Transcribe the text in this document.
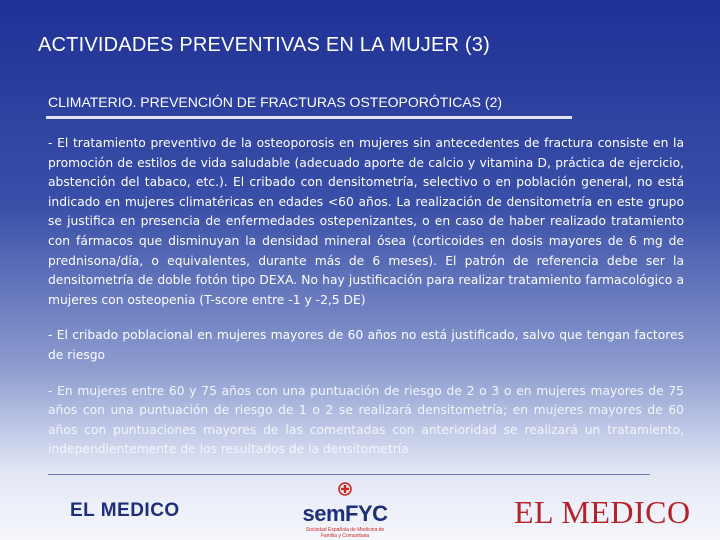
ACTIVIDADES PREVENTIVAS EN LA MUJER (3)
CLIMATERIO. PREVENCIÓN DE FRACTURAS OSTEOPORÓTICAS (2)

- El tratamiento preventivo de la osteoporosis en mujeres sin antecedentes de fractura consiste en la promoción de estilos de vida saludable (adecuado aporte de calcio y vitamina D, práctica de ejercicio, abstención del tabaco, etc.). El cribado con densitometría, selectivo o en población general, no está indicado en mujeres climatéricas en edades <60 años. La realización de densitometría en este grupo se justifica en presencia de enfermedades ostepenizantes, o en caso de haber realizado tratamiento con fármacos que disminuyan la densidad mineral ósea (corticoides en dosis mayores de 6 mg de prednisona/día, o equivalentes, durante más de 6 meses). El patrón de referencia debe ser la densitometría de doble fotón tipo DEXA. No hay justificación para realizar tratamiento farmacológico a mujeres con osteopenia (T-score entre -1 y -2,5 DE)

- El cribado poblacional en mujeres mayores de 60 años no está justificado, salvo que tengan factores de riesgo

- En mujeres entre 60 y 75 años con una puntuación de riesgo de 2 o 3 o en mujeres mayores de 75 años con una puntuación de riesgo de 1 o 2 se realizará densitometría; en mujeres mayores de 60 años con puntuaciones mayores de las comentadas con anterioridad se realizará un tratamiento, independientemente de los resultados de la densitometría

EL MEDICO	semFYC
Sociedad Española de Medicina de Familia y Comunitaria
EL MEDICO
